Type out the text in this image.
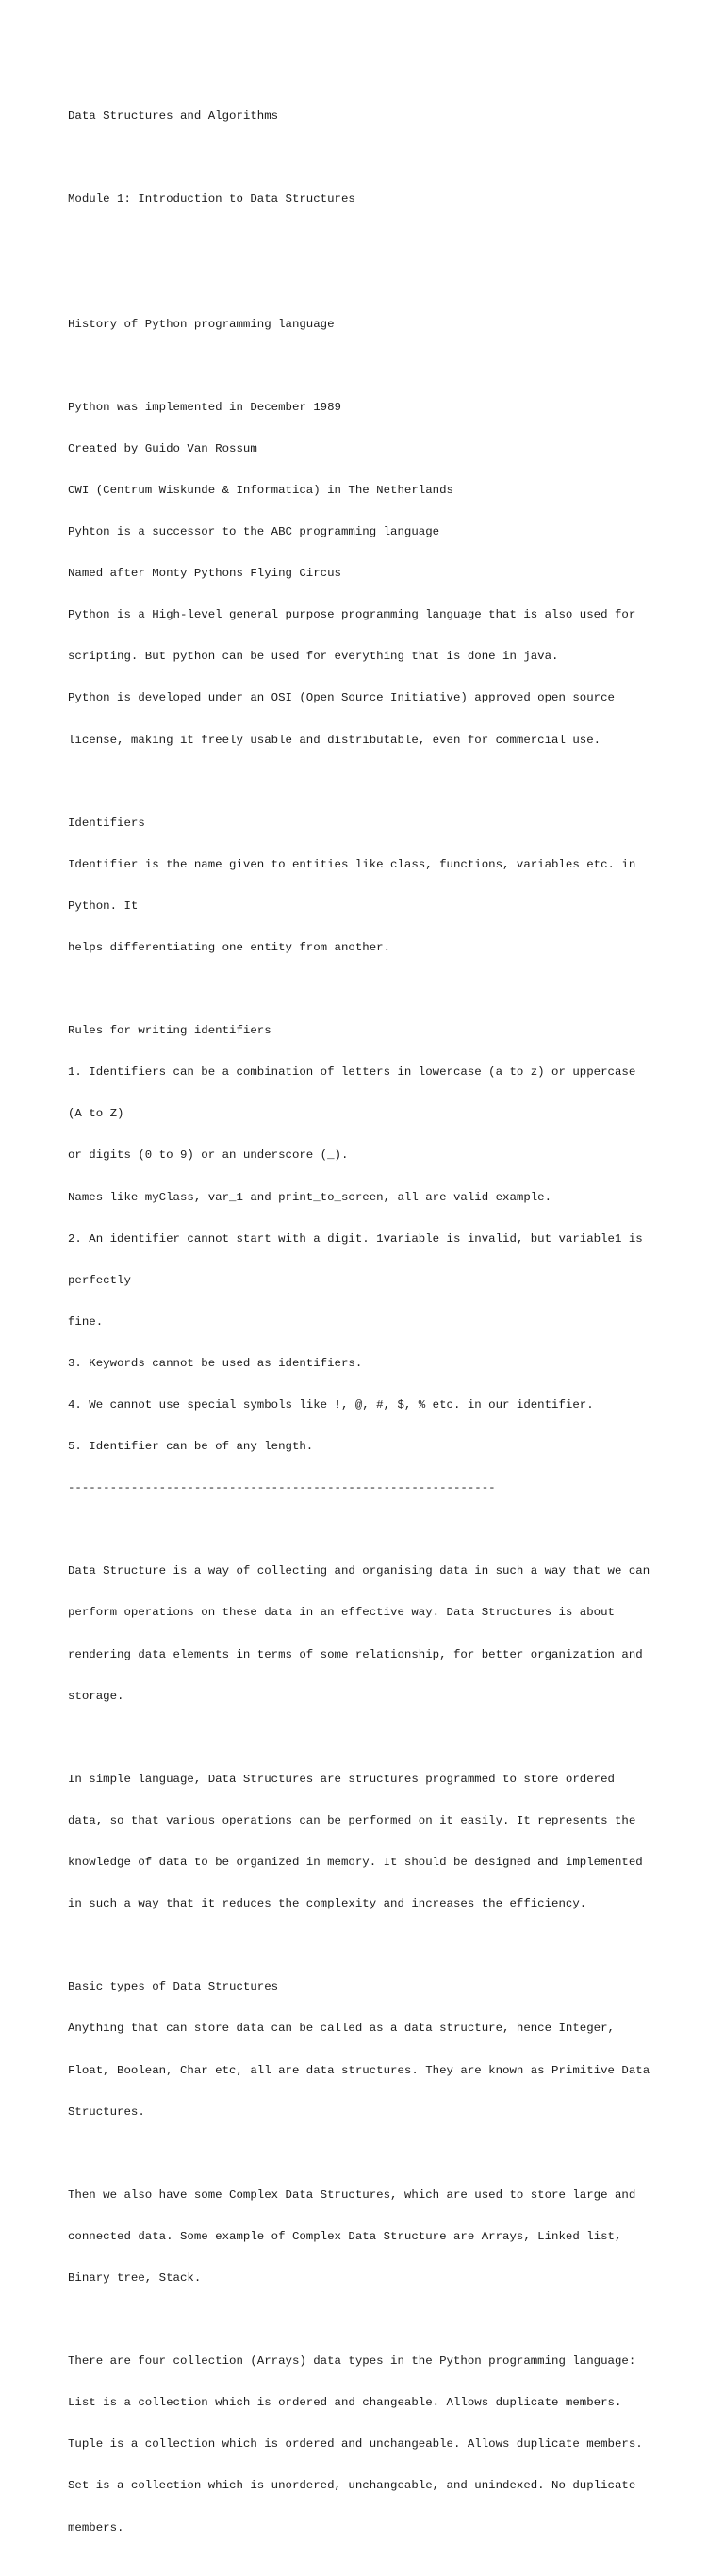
Data Structures and Algorithms

Module 1: Introduction to Data Structures

History of Python programming language

Python was implemented in December 1989

Created by Guido Van Rossum

CWI (Centrum Wiskunde & Informatica) in The Netherlands

Pyhton is a successor to the ABC programming language

Named after Monty Pythons Flying Circus

Python is a High-level general purpose programming language that is also used for

scripting. But python can be used for everything that is done in java.

Python is developed under an OSI (Open Source Initiative) approved open source

license, making it freely usable and distributable, even for commercial use.

Identifiers

Identifier is the name given to entities like class, functions, variables etc. in

Python. It

helps differentiating one entity from another.

Rules for writing identifiers

1. Identifiers can be a combination of letters in lowercase (a to z) or uppercase

(A to Z)

or digits (0 to 9) or an underscore (_).

Names like myClass, var_1 and print_to_screen, all are valid example.

2. An identifier cannot start with a digit. 1variable is invalid, but variable1 is

perfectly

fine.

3. Keywords cannot be used as identifiers.

4. We cannot use special symbols like !, @, #, $, % etc. in our identifier.

5. Identifier can be of any length.

-------------------------------------------------------------

Data Structure is a way of collecting and organising data in such a way that we can

perform operations on these data in an effective way. Data Structures is about

rendering data elements in terms of some relationship, for better organization and

storage.

In simple language, Data Structures are structures programmed to store ordered

data, so that various operations can be performed on it easily. It represents the

knowledge of data to be organized in memory. It should be designed and implemented

in such a way that it reduces the complexity and increases the efficiency.

Basic types of Data Structures

Anything that can store data can be called as a data structure, hence Integer,

Float, Boolean, Char etc, all are data structures. They are known as Primitive Data

Structures.

Then we also have some Complex Data Structures, which are used to store large and

connected data. Some example of Complex Data Structure are Arrays, Linked list,

Binary tree, Stack.

There are four collection (Arrays) data types in the Python programming language:

List is a collection which is ordered and changeable. Allows duplicate members.

Tuple is a collection which is ordered and unchangeable. Allows duplicate members.

Set is a collection which is unordered, unchangeable, and unindexed. No duplicate

members.
